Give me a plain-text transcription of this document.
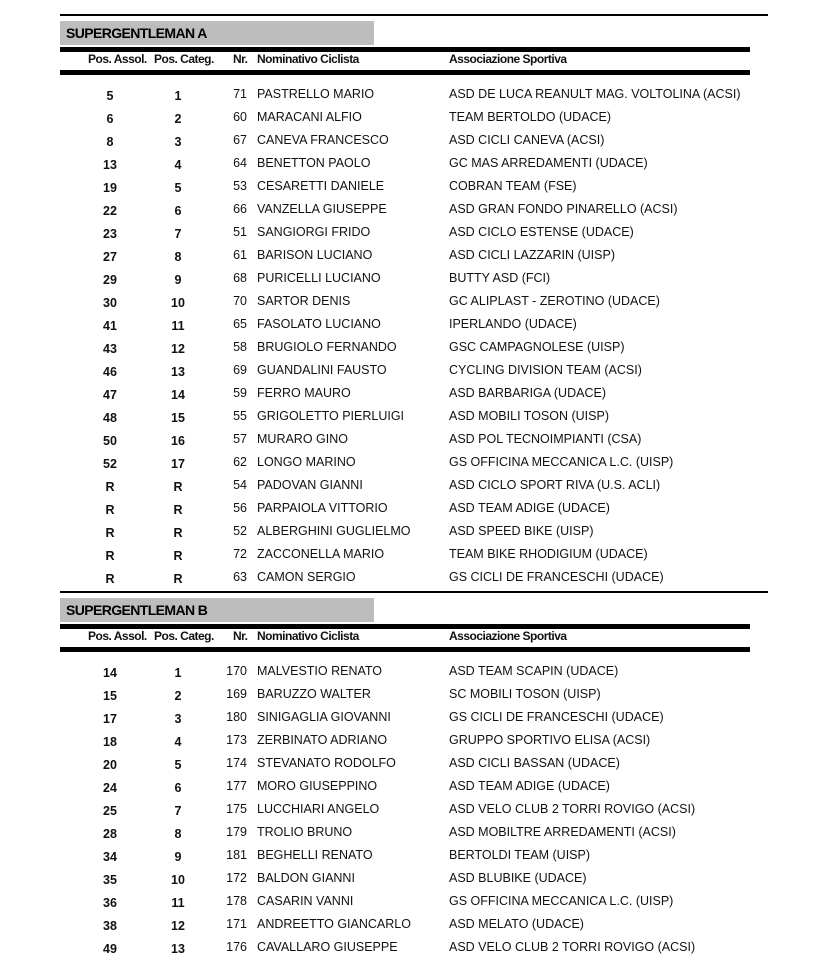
SUPERGENTLEMAN A
Pos. Assol. Pos. Categ. Nr. Nominativo Ciclista	Associazione Sportiva
5	1	71 PASTRELLO MARIO	ASD DE LUCA REANULT MAG. VOLTOLINA (ACSI)
6	2	60 MARACANI ALFIO	TEAM BERTOLDO (UDACE)
8	3	67 CANEVA FRANCESCO	ASD CICLI CANEVA (ACSI)
13	4	64 BENETTON PAOLO	GC MAS ARREDAMENTI (UDACE)
19	5	53 CESARETTI DANIELE	COBRAN TEAM (FSE)
22	6	66 VANZELLA GIUSEPPE	ASD GRAN FONDO PINARELLO (ACSI)
23	7	51 SANGIORGI FRIDO	ASD CICLO ESTENSE (UDACE)
27	8	61 BARISON LUCIANO	ASD CICLI LAZZARIN (UISP)
29	9	68 PURICELLI LUCIANO	BUTTY ASD (FCI)
30	10	70 SARTOR DENIS	GC ALIPLAST - ZEROTINO (UDACE)
41	11	65 FASOLATO LUCIANO	IPERLANDO (UDACE)
43	12	58 BRUGIOLO FERNANDO	GSC CAMPAGNOLESE (UISP)
46	13	69 GUANDALINI FAUSTO	CYCLING DIVISION TEAM (ACSI)
47	14	59 FERRO MAURO	ASD BARBARIGA (UDACE)
48	15	55 GRIGOLETTO PIERLUIGI	ASD MOBILI TOSON (UISP)
50	16	57 MURARO GINO	ASD POL TECNOIMPIANTI (CSA)
52	17	62 LONGO MARINO	GS OFFICINA MECCANICA L.C. (UISP)
R	R	54 PADOVAN GIANNI	ASD CICLO SPORT RIVA (U.S. ACLI)
R	R	56 PARPAIOLA VITTORIO	ASD TEAM ADIGE (UDACE)
R	R	52 ALBERGHINI GUGLIELMO	ASD SPEED BIKE (UISP)
R	R	72 ZACCONELLA MARIO	TEAM BIKE RHODIGIUM (UDACE)
R	R	63 CAMON SERGIO	GS CICLI DE FRANCESCHI (UDACE)
SUPERGENTLEMAN B
Pos. Assol. Pos. Categ. Nr. Nominativo Ciclista	Associazione Sportiva
14	1	170 MALVESTIO RENATO	ASD TEAM SCAPIN (UDACE)
15	2	169 BARUZZO WALTER	SC MOBILI TOSON (UISP)
17	3	180 SINIGAGLIA GIOVANNI	GS CICLI DE FRANCESCHI (UDACE)
18	4	173 ZERBINATO ADRIANO	GRUPPO SPORTIVO ELISA (ACSI)
20	5	174 STEVANATO RODOLFO	ASD CICLI BASSAN (UDACE)
24	6	177 MORO GIUSEPPINO	ASD TEAM ADIGE (UDACE)
25	7	175 LUCCHIARI ANGELO	ASD VELO CLUB 2 TORRI ROVIGO (ACSI)
28	8	179 TROLIO BRUNO	ASD MOBILTRE ARREDAMENTI (ACSI)
34	9	181 BEGHELLI RENATO	BERTOLDI TEAM (UISP)
35	10	172 BALDON GIANNI	ASD BLUBIKE (UDACE)
36	11	178 CASARIN VANNI	GS OFFICINA MECCANICA L.C. (UISP)
38	12	171 ANDREETTO GIANCARLO	ASD MELATO (UDACE)
49	13	176 CAVALLARO GIUSEPPE	ASD VELO CLUB 2 TORRI ROVIGO (ACSI)
